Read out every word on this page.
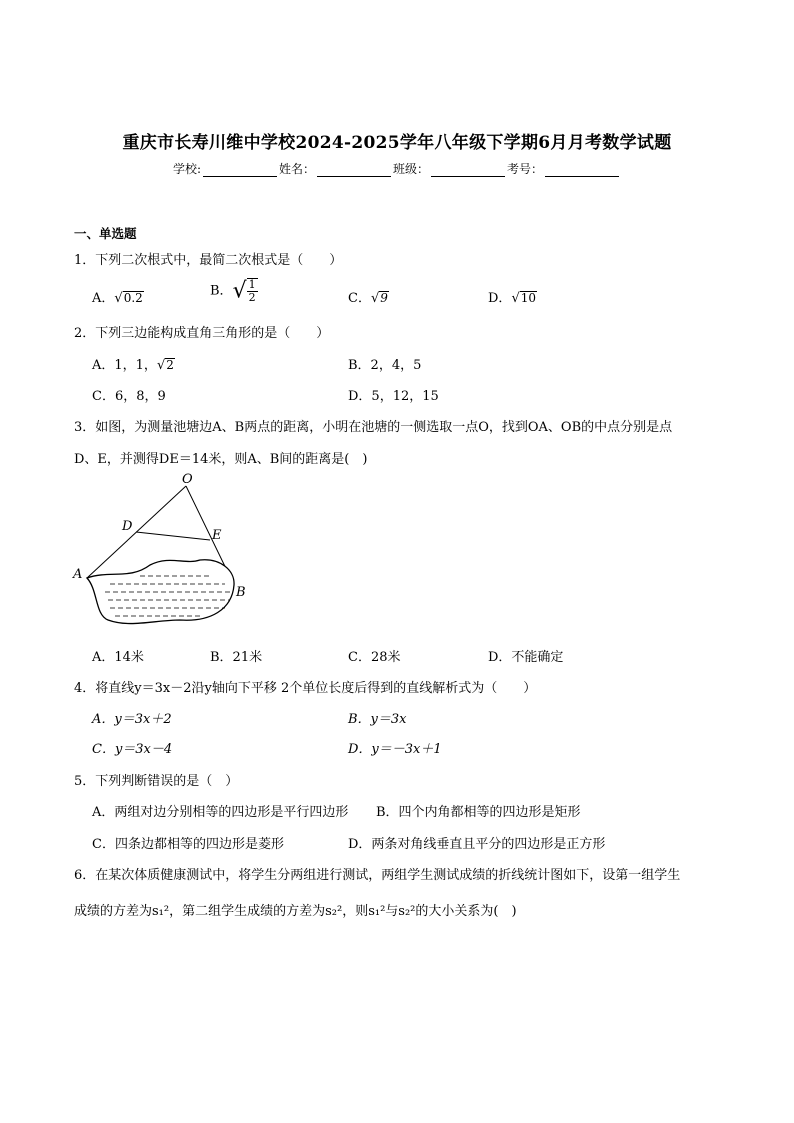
重庆市长寿川维中学校2024-2025学年八年级下学期6月月考数学试题
学校:	姓名：	班级：	考号：
一、单选题
1．下列二次根式中，最简二次根式是（　　）
A．√0.2	B．√ $\frac{1}{2}$	C．√9	D．√10
2．下列三边能构成直角三角形的是（　　）
A．1，1，√2	B．2，4，5
C．6，8，9	D．5，12，15
3．如图，为测量池塘边A、B两点的距离，小明在池塘的一侧选取一点O，找到OA、OB的中点分别是点
D、E，并测得DE＝14米，则A、B间的距离是(　)
O
D
E
A
B
A．14米	B．21米	C．28米	D．不能确定
4．将直线y＝3x－2沿y轴向下平移 2个单位长度后得到的直线解析式为（　　）
A．y＝3x＋2	B．y＝3x
C．y＝3x－4	D．y＝－3x＋1
5．下列判断错误的是（　）
A．两组对边分别相等的四边形是平行四边形 B．四个内角都相等的四边形是矩形
C．四条边都相等的四边形是菱形	D．两条对角线垂直且平分的四边形是正方形
6．在某次体质健康测试中，将学生分两组进行测试，两组学生测试成绩的折线统计图如下，设第一组学生
成绩的方差为s₁²，第二组学生成绩的方差为s₂²，则s₁²与s₂²的大小关系为(　)
